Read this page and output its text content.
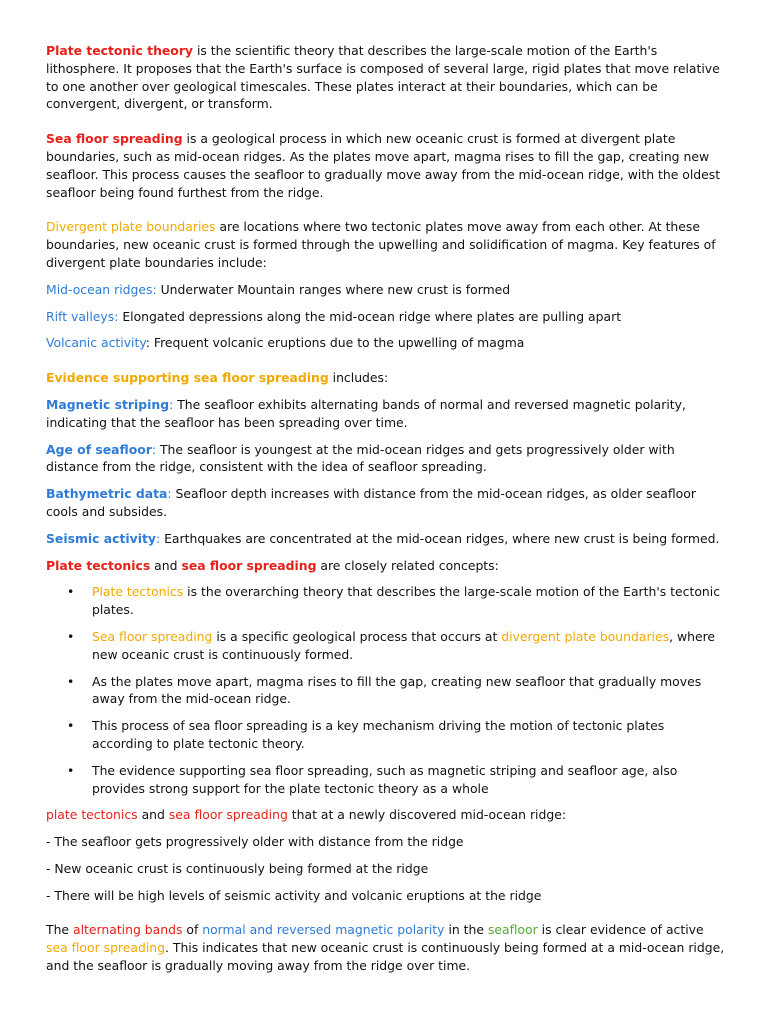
Plate tectonic theory is the scientific theory that describes the large-scale motion of the Earth's lithosphere. It proposes that the Earth's surface is composed of several large, rigid plates that move relative to one another over geological timescales. These plates interact at their boundaries, which can be convergent, divergent, or transform.

Sea floor spreading is a geological process in which new oceanic crust is formed at divergent plate boundaries, such as mid-ocean ridges. As the plates move apart, magma rises to fill the gap, creating new seafloor. This process causes the seafloor to gradually move away from the mid-ocean ridge, with the oldest seafloor being found furthest from the ridge.

Divergent plate boundaries are locations where two tectonic plates move away from each other. At these boundaries, new oceanic crust is formed through the upwelling and solidification of magma. Key features of divergent plate boundaries include:

Mid-ocean ridges: Underwater Mountain ranges where new crust is formed

Rift valleys: Elongated depressions along the mid-ocean ridge where plates are pulling apart

Volcanic activity: Frequent volcanic eruptions due to the upwelling of magma

Evidence supporting sea floor spreading includes:

Magnetic striping: The seafloor exhibits alternating bands of normal and reversed magnetic polarity, indicating that the seafloor has been spreading over time.

Age of seafloor: The seafloor is youngest at the mid-ocean ridges and gets progressively older with distance from the ridge, consistent with the idea of seafloor spreading.

Bathymetric data: Seafloor depth increases with distance from the mid-ocean ridges, as older seafloor cools and subsides.

Seismic activity: Earthquakes are concentrated at the mid-ocean ridges, where new crust is being formed.

Plate tectonics and sea floor spreading are closely related concepts:

• Plate tectonics is the overarching theory that describes the large-scale motion of the Earth's tectonic plates.
• Sea floor spreading is a specific geological process that occurs at divergent plate boundaries, where new oceanic crust is continuously formed.
• As the plates move apart, magma rises to fill the gap, creating new seafloor that gradually moves away from the mid-ocean ridge.
• This process of sea floor spreading is a key mechanism driving the motion of tectonic plates according to plate tectonic theory.
• The evidence supporting sea floor spreading, such as magnetic striping and seafloor age, also provides strong support for the plate tectonic theory as a whole

plate tectonics and sea floor spreading that at a newly discovered mid-ocean ridge:

- The seafloor gets progressively older with distance from the ridge

- New oceanic crust is continuously being formed at the ridge

- There will be high levels of seismic activity and volcanic eruptions at the ridge

The alternating bands of normal and reversed magnetic polarity in the seafloor is clear evidence of active sea floor spreading. This indicates that new oceanic crust is continuously being formed at a mid-ocean ridge, and the seafloor is gradually moving away from the ridge over time.
